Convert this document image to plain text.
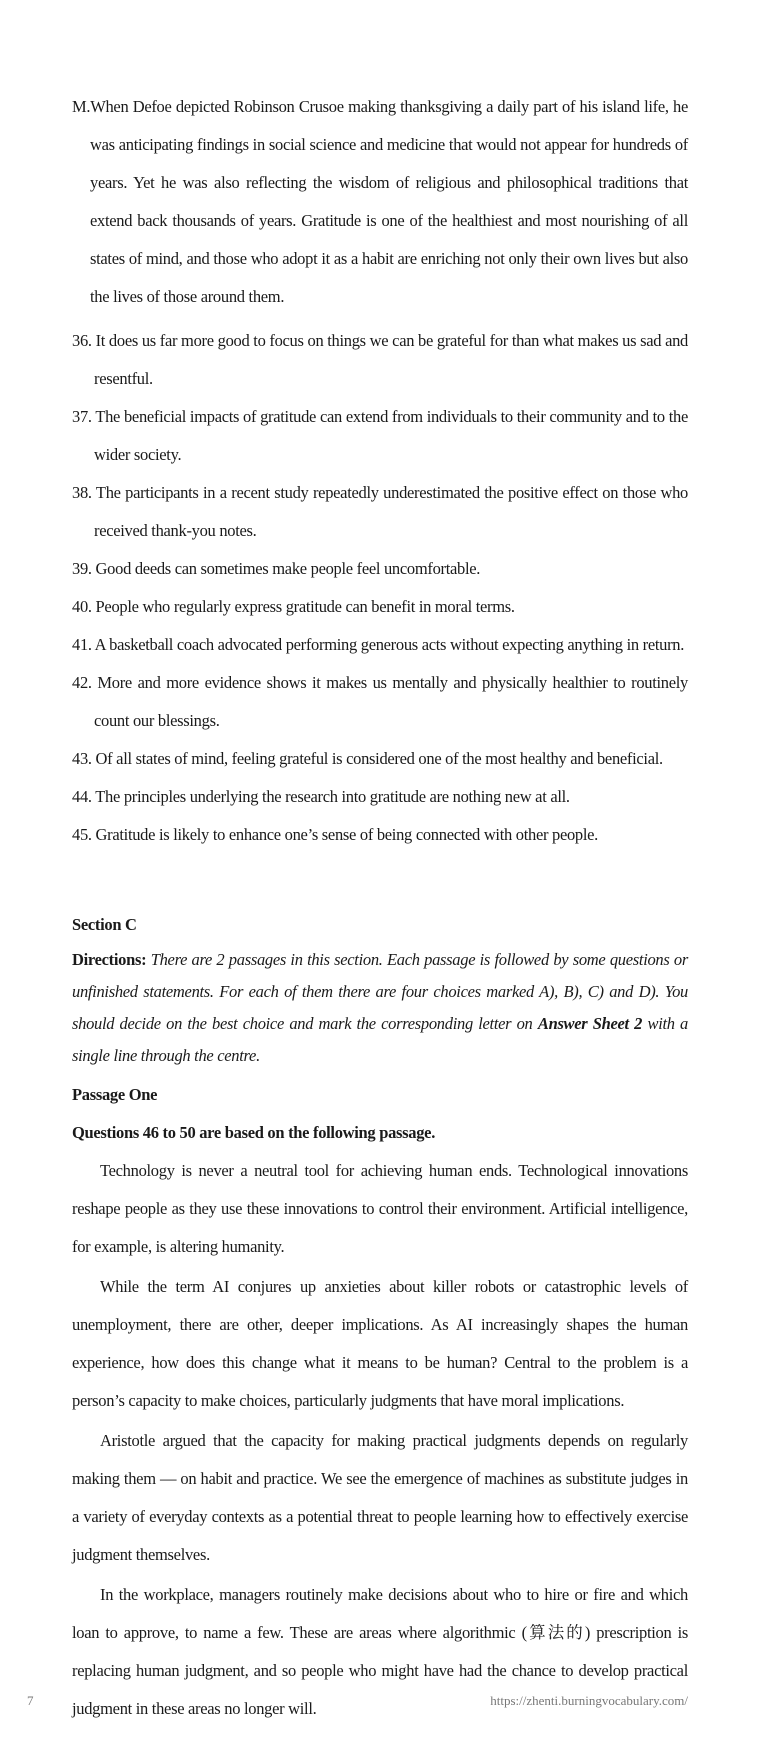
M.When Defoe depicted Robinson Crusoe making thanksgiving a daily part of his island life, he was anticipating findings in social science and medicine that would not appear for hundreds of years. Yet he was also reflecting the wisdom of religious and philosophical traditions that extend back thousands of years. Gratitude is one of the healthiest and most nourishing of all states of mind, and those who adopt it as a habit are enriching not only their own lives but also the lives of those around them.

36. It does us far more good to focus on things we can be grateful for than what makes us sad and resentful.
37. The beneficial impacts of gratitude can extend from individuals to their community and to the wider society.
38. The participants in a recent study repeatedly underestimated the positive effect on those who received thank-you notes.
39. Good deeds can sometimes make people feel uncomfortable.
40. People who regularly express gratitude can benefit in moral terms.
41. A basketball coach advocated performing generous acts without expecting anything in return.
42. More and more evidence shows it makes us mentally and physically healthier to routinely count our blessings.
43. Of all states of mind, feeling grateful is considered one of the most healthy and beneficial.
44. The principles underlying the research into gratitude are nothing new at all.
45. Gratitude is likely to enhance one’s sense of being connected with other people.

Section C

Directions: There are 2 passages in this section. Each passage is followed by some questions or unfinished statements. For each of them there are four choices marked A), B), C) and D). You should decide on the best choice and mark the corresponding letter on Answer Sheet 2 with a single line through the centre.

Passage One

Questions 46 to 50 are based on the following passage.

Technology is never a neutral tool for achieving human ends. Technological innovations reshape people as they use these innovations to control their environment. Artificial intelligence, for example, is altering humanity.

While the term AI conjures up anxieties about killer robots or catastrophic levels of unemployment, there are other, deeper implications. As AI increasingly shapes the human experience, how does this change what it means to be human? Central to the problem is a person’s capacity to make choices, particularly judgments that have moral implications.

Aristotle argued that the capacity for making practical judgments depends on regularly making them — on habit and practice. We see the emergence of machines as substitute judges in a variety of everyday contexts as a potential threat to people learning how to effectively exercise judgment themselves.

In the workplace, managers routinely make decisions about who to hire or fire and which loan to approve, to name a few. These are areas where algorithmic (算法的) prescription is replacing human judgment, and so people who might have had the chance to develop practical judgment in these areas no longer will.

7	https://zhenti.burningvocabulary.com/
